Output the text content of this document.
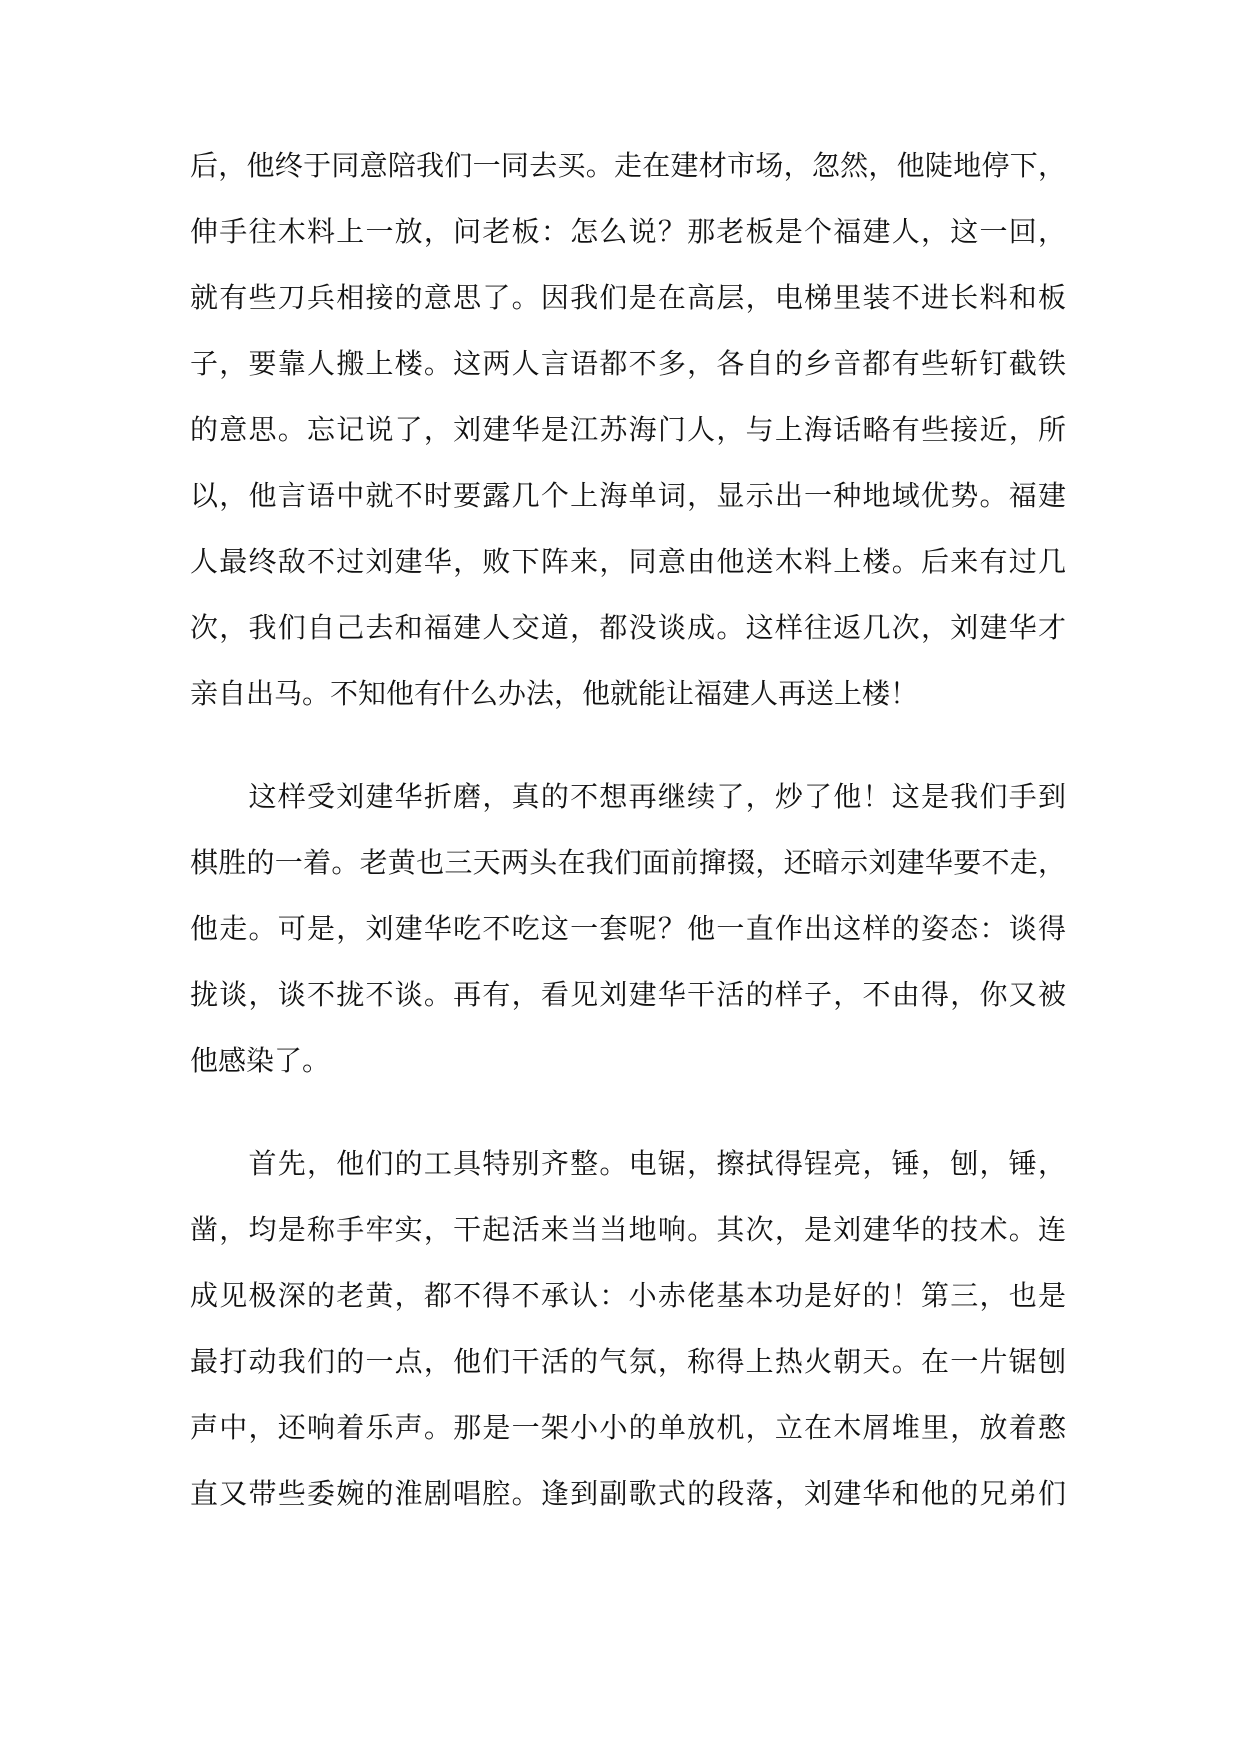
后，他终于同意陪我们一同去买。走在建材市场，忽然，他陡地停下，
伸手往木料上一放，问老板：怎么说？那老板是个福建人，这一回，
就有些刀兵相接的意思了。因我们是在高层，电梯里装不进长料和板
子，要靠人搬上楼。这两人言语都不多，各自的乡音都有些斩钉截铁
的意思。忘记说了，刘建华是江苏海门人，与上海话略有些接近，所
以，他言语中就不时要露几个上海单词，显示出一种地域优势。福建
人最终敌不过刘建华，败下阵来，同意由他送木料上楼。后来有过几
次，我们自己去和福建人交道，都没谈成。这样往返几次，刘建华才
亲自出马。不知他有什么办法，他就能让福建人再送上楼！
　　这样受刘建华折磨，真的不想再继续了，炒了他！这是我们手到
棋胜的一着。老黄也三天两头在我们面前撺掇，还暗示刘建华要不走，
他走。可是，刘建华吃不吃这一套呢？他一直作出这样的姿态：谈得
拢谈，谈不拢不谈。再有，看见刘建华干活的样子，不由得，你又被
他感染了。
　　首先，他们的工具特别齐整。电锯，擦拭得锃亮，锤，刨，锤，
凿，均是称手牢实，干起活来当当地响。其次，是刘建华的技术。连
成见极深的老黄，都不得不承认：小赤佬基本功是好的！第三，也是
最打动我们的一点，他们干活的气氛，称得上热火朝天。在一片锯刨
声中，还响着乐声。那是一架小小的单放机，立在木屑堆里，放着憨
直又带些委婉的淮剧唱腔。逢到副歌式的段落，刘建华和他的兄弟们
